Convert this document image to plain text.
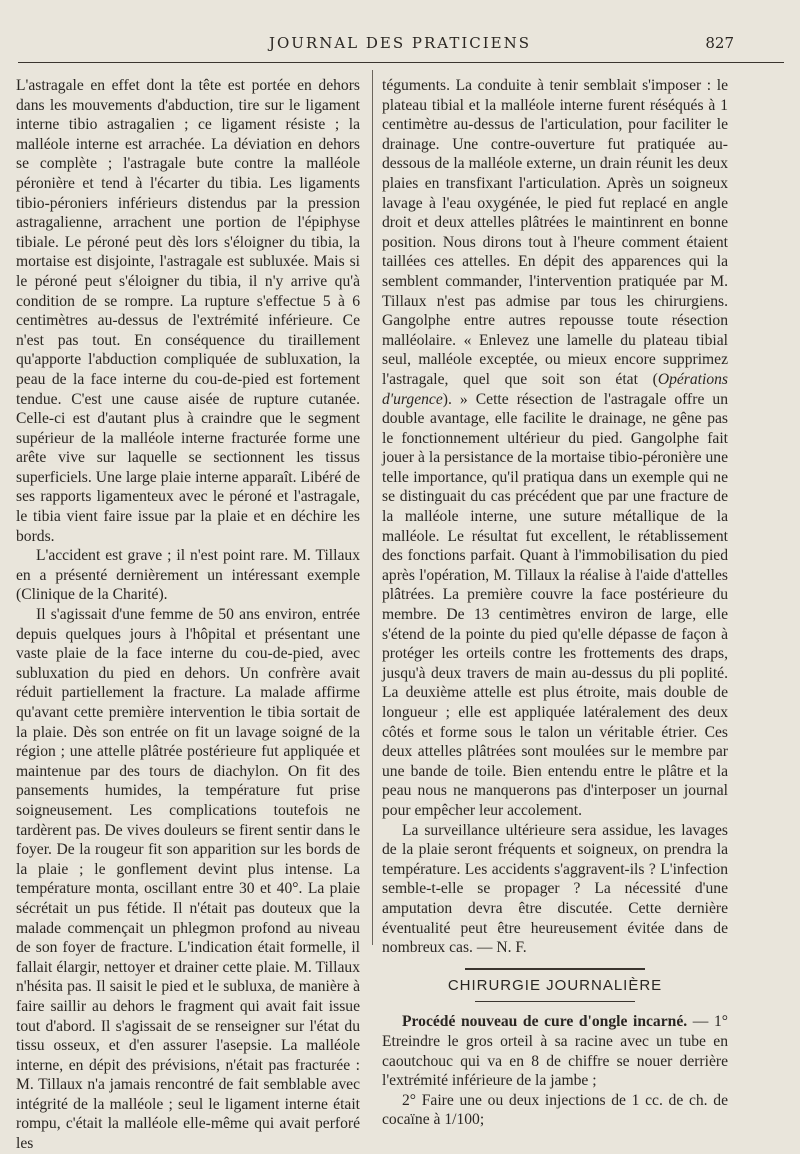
JOURNAL DES PRATICIENS	827

L'astragale en effet dont la tête est portée en dehors dans les mouvements d'abduction, tire sur le ligament interne tibio astragalien ; ce ligament résiste ; la malléole interne est arrachée. La déviation en dehors se complète ; l'astragale bute contre la malléole péronière et tend à l'écarter du tibia. Les ligaments tibio-péroniers inférieurs distendus par la pression astragalienne, arrachent une portion de l'épiphyse tibiale. Le péroné peut dès lors s'éloigner du tibia, la mortaise est disjointe, l'astragale est subluxée. Mais si le péroné peut s'éloigner du tibia, il n'y arrive qu'à condition de se rompre. La rupture s'effectue 5 à 6 centimètres au-dessus de l'extrémité inférieure. Ce n'est pas tout. En conséquence du tiraillement qu'apporte l'abduction compliquée de subluxation, la peau de la face interne du cou-de-pied est fortement tendue. C'est une cause aisée de rupture cutanée. Celle-ci est d'autant plus à craindre que le segment supérieur de la malléole interne fracturée forme une arête vive sur laquelle se sectionnent les tissus superficiels. Une large plaie interne apparaît. Libéré de ses rapports ligamenteux avec le péroné et l'astragale, le tibia vient faire issue par la plaie et en déchire les bords.

L'accident est grave ; il n'est point rare. M. Tillaux en a présenté dernièrement un intéressant exemple (Clinique de la Charité).

Il s'agissait d'une femme de 50 ans environ, entrée depuis quelques jours à l'hôpital et présentant une vaste plaie de la face interne du cou-de-pied, avec subluxation du pied en dehors. Un confrère avait réduit partiellement la fracture. La malade affirme qu'avant cette première intervention le tibia sortait de la plaie. Dès son entrée on fit un lavage soigné de la région ; une attelle plâtrée postérieure fut appliquée et maintenue par des tours de diachylon. On fit des pansements humides, la température fut prise soigneusement. Les complications toutefois ne tardèrent pas. De vives douleurs se firent sentir dans le foyer. De la rougeur fit son apparition sur les bords de la plaie ; le gonflement devint plus intense. La température monta, oscillant entre 30 et 40°. La plaie sécrétait un pus fétide. Il n'était pas douteux que la malade commençait un phlegmon profond au niveau de son foyer de fracture. L'indication était formelle, il fallait élargir, nettoyer et drainer cette plaie. M. Tillaux n'hésita pas. Il saisit le pied et le subluxa, de manière à faire saillir au dehors le fragment qui avait fait issue tout d'abord. Il s'agissait de se renseigner sur l'état du tissu osseux, et d'en assurer l'asepsie. La malléole interne, en dépit des prévisions, n'était pas fracturée : M. Tillaux n'a jamais rencontré de fait semblable avec intégrité de la malléole ; seul le ligament interne était rompu, c'était la malléole elle-même qui avait perforé les

téguments. La conduite à tenir semblait s'imposer : le plateau tibial et la malléole interne furent réséqués à 1 centimètre au-dessus de l'articulation, pour faciliter le drainage. Une contre-ouverture fut pratiquée au-dessous de la malléole externe, un drain réunit les deux plaies en transfixant l'articulation. Après un soigneux lavage à l'eau oxygénée, le pied fut replacé en angle droit et deux attelles plâtrées le maintinrent en bonne position. Nous dirons tout à l'heure comment étaient taillées ces attelles. En dépit des apparences qui la semblent commander, l'intervention pratiquée par M. Tillaux n'est pas admise par tous les chirurgiens. Gangolphe entre autres repousse toute résection malléolaire. « Enlevez une lamelle du plateau tibial seul, malléole exceptée, ou mieux encore supprimez l'astragale, quel que soit son état (Opérations d'urgence). » Cette résection de l'astragale offre un double avantage, elle facilite le drainage, ne gêne pas le fonctionnement ultérieur du pied. Gangolphe fait jouer à la persistance de la mortaise tibio-péronière une telle importance, qu'il pratiqua dans un exemple qui ne se distinguait du cas précédent que par une fracture de la malléole interne, une suture métallique de la malléole. Le résultat fut excellent, le rétablissement des fonctions parfait. Quant à l'immobilisation du pied après l'opération, M. Tillaux la réalise à l'aide d'attelles plâtrées. La première couvre la face postérieure du membre. De 13 centimètres environ de large, elle s'étend de la pointe du pied qu'elle dépasse de façon à protéger les orteils contre les frottements des draps, jusqu'à deux travers de main au-dessus du pli poplité. La deuxième attelle est plus étroite, mais double de longueur ; elle est appliquée latéralement des deux côtés et forme sous le talon un véritable étrier. Ces deux attelles plâtrées sont moulées sur le membre par une bande de toile. Bien entendu entre le plâtre et la peau nous ne manquerons pas d'interposer un journal pour empêcher leur accolement.

La surveillance ultérieure sera assidue, les lavages de la plaie seront fréquents et soigneux, on prendra la température. Les accidents s'aggravent-ils ? L'infection semble-t-elle se propager ? La nécessité d'une amputation devra être discutée. Cette dernière éventualité peut être heureusement évitée dans de nombreux cas. — N. F.

CHIRURGIE JOURNALIÈRE

Procédé nouveau de cure d'ongle incarné. — 1° Etreindre le gros orteil à sa racine avec un tube en caoutchouc qui va en 8 de chiffre se nouer derrière l'extrémité inférieure de la jambe ;

2° Faire une ou deux injections de 1 cc. de ch. de cocaïne à 1/100;
